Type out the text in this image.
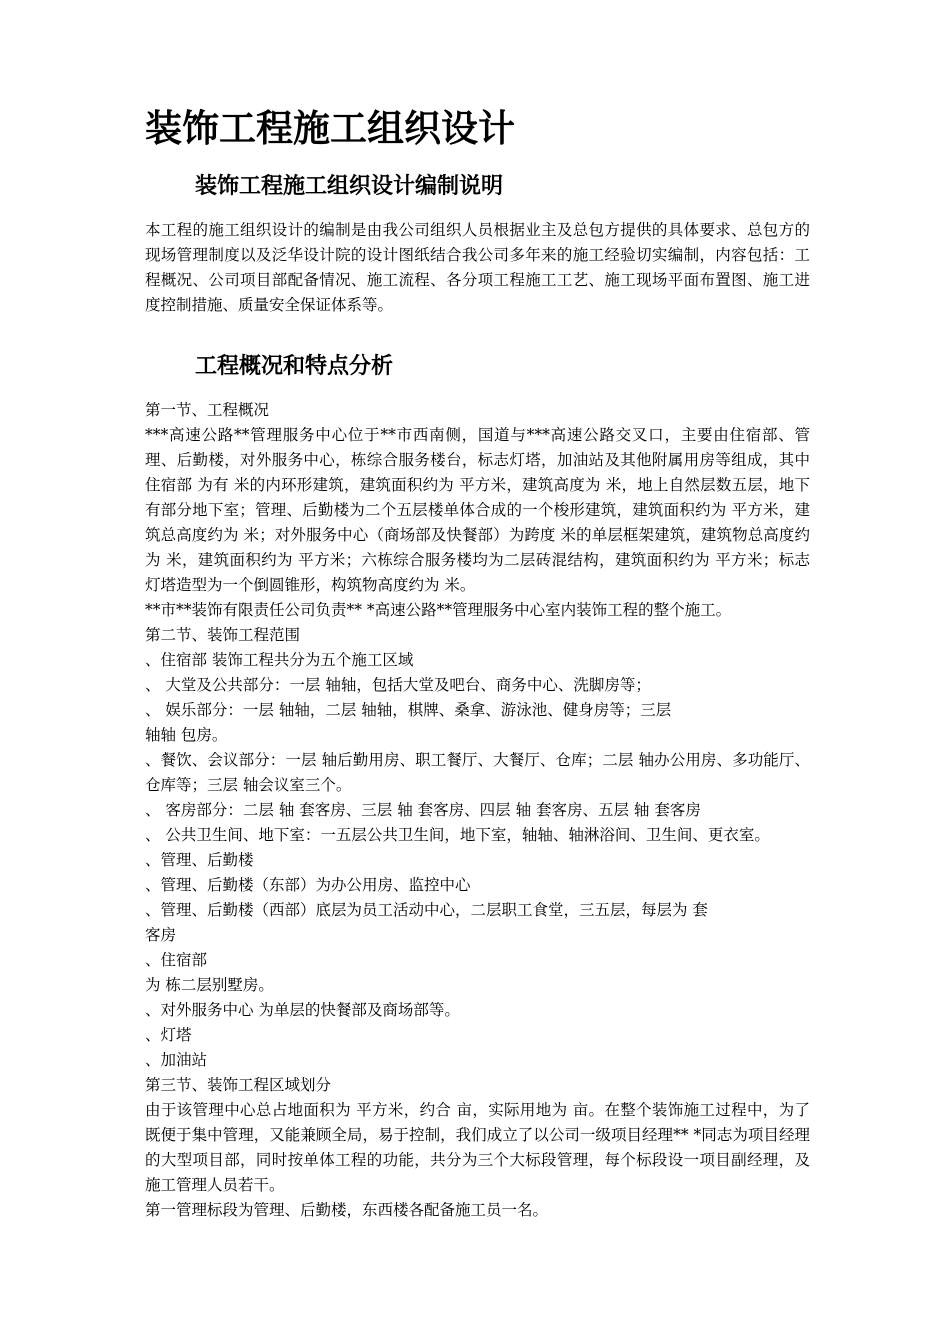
装饰工程施工组织设计
装饰工程施工组织设计编制说明

本工程的施工组织设计的编制是由我公司组织人员根据业主及总包方提供的具体要求、总包方的现场管理制度以及泛华设计院的设计图纸结合我公司多年来的施工经验切实编制，内容包括：工程概况、公司项目部配备情况、施工流程、各分项工程施工工艺、施工现场平面布置图、施工进度控制措施、质量安全保证体系等。

工程概况和特点分析

第一节、工程概况

***高速公路**管理服务中心位于**市西南侧，国道与***高速公路交叉口，主要由住宿部、管理、后勤楼，对外服务中心，栋综合服务楼台，标志灯塔，加油站及其他附属用房等组成，其中住宿部 为有 米的内环形建筑，建筑面积约为 平方米，建筑高度为 米，地上自然层数五层，地下有部分地下室；管理、后勤楼为二个五层楼单体合成的一个梭形建筑，建筑面积约为 平方米，建筑总高度约为 米；对外服务中心（商场部及快餐部）为跨度 米的单层框架建筑，建筑物总高度约为 米，建筑面积约为 平方米；六栋综合服务楼均为二层砖混结构，建筑面积约为 平方米；标志灯塔造型为一个倒圆锥形，构筑物高度约为 米。

**市**装饰有限责任公司负责** *高速公路**管理服务中心室内装饰工程的整个施工。

第二节、装饰工程范围

、住宿部 装饰工程共分为五个施工区域

、 大堂及公共部分：一层 轴轴，包括大堂及吧台、商务中心、洗脚房等；

、 娱乐部分：一层 轴轴，二层 轴轴，棋牌、桑拿、游泳池、健身房等；三层

轴轴 包房。

、餐饮、会议部分：一层 轴后勤用房、职工餐厅、大餐厅、仓库；二层 轴办公用房、多功能厅、仓库等；三层 轴会议室三个。

、 客房部分：二层 轴 套客房、三层 轴 套客房、四层 轴 套客房、五层 轴 套客房

、 公共卫生间、地下室：一五层公共卫生间，地下室，轴轴、轴淋浴间、卫生间、更衣室。

、管理、后勤楼

、管理、后勤楼（东部）为办公用房、监控中心

、管理、后勤楼（西部）底层为员工活动中心，二层职工食堂，三五层，每层为 套

客房

、住宿部

为 栋二层别墅房。

、对外服务中心 为单层的快餐部及商场部等。

、灯塔

、加油站

第三节、装饰工程区域划分

由于该管理中心总占地面积为 平方米，约合 亩，实际用地为 亩。在整个装饰施工过程中，为了既便于集中管理，又能兼顾全局，易于控制，我们成立了以公司一级项目经理** *同志为项目经理的大型项目部，同时按单体工程的功能，共分为三个大标段管理，每个标段设一项目副经理，及施工管理人员若干。

第一管理标段为管理、后勤楼，东西楼各配备施工员一名。
